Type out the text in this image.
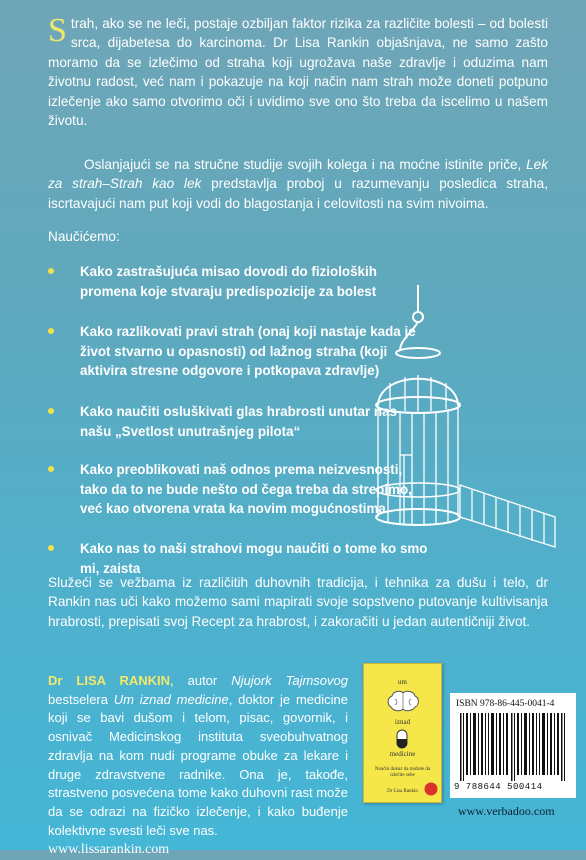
Strah, ako se ne leči, postaje ozbiljan faktor rizika za različite bolesti – od bolesti srca, dijabetesa do karcinoma. Dr Lisa Rankin objašnjava, ne samo zašto moramo da se izlečimo od straha koji ugrožava naše zdravlje i oduzima nam životnu radost, već nam i pokazuje na koji način nam strah može doneti potpuno izlečenje ako samo otvorimo oči i uvidimo sve ono što treba da iscelimo u našem životu.

Oslanjajući se na stručne studije svojih kolega i na moćne istinite priče, Lek za strah–Strah kao lek predstavlja proboj u razumevanju posledica straha, iscrtavajući nam put koji vodi do blagostanja i celovitosti na svim nivoima.

Naučićemo:

Kako zastrašujuća misao dovodi do fizioloških promena koje stvaraju predispozicije za bolest
Kako razlikovati pravi strah (onaj koji nastaje kada je život stvarno u opasnosti) od lažnog straha (koji aktivira stresne odgovore i potkopava zdravlje)
Kako naučiti osluškivati glas hrabrosti unutar nas – našu „Svetlost unutrašnjeg pilota“
Kako preoblikovati naš odnos prema neizvesnosti, tako da to ne bude nešto od čega treba da strepimo, već kao otvorena vrata ka novim mogućnostima
Kako nas to naši strahovi mogu naučiti o tome ko smo mi, zaista

Služeći se vežbama iz različitih duhovnih tradicija, i tehnika za dušu i telo, dr Rankin nas uči kako možemo sami mapirati svoje sopstveno putovanje kultivisanja hrabrosti, prepisati svoj Recept za hrabrost, i zakoračiti u jedan autentičniji život.

Dr LISA RANKIN, autor Njujork Tajmsovog bestselera Um iznad medicine, doktor je medicine koji se bavi dušom i telom, pisac, govornik, i osnivač Medicinskog instituta sveobuhvatnog zdravlja na kom nudi programe obuke za lekare i druge zdravstvene radnike. Ona je, takođe, strastveno posvećena tome kako duhovni rast može da se odrazi na fizičko izlečenje, i kako buđenje kolektivne svesti leči sve nas.
www.lissarankin.com

um
iznad
medicine
Naučni dokaz da možete da izlečite sebe
Dr Lisa Rankin
ISBN 978-86-445-0041-4
9 788644 500414
www.verbadoo.com
